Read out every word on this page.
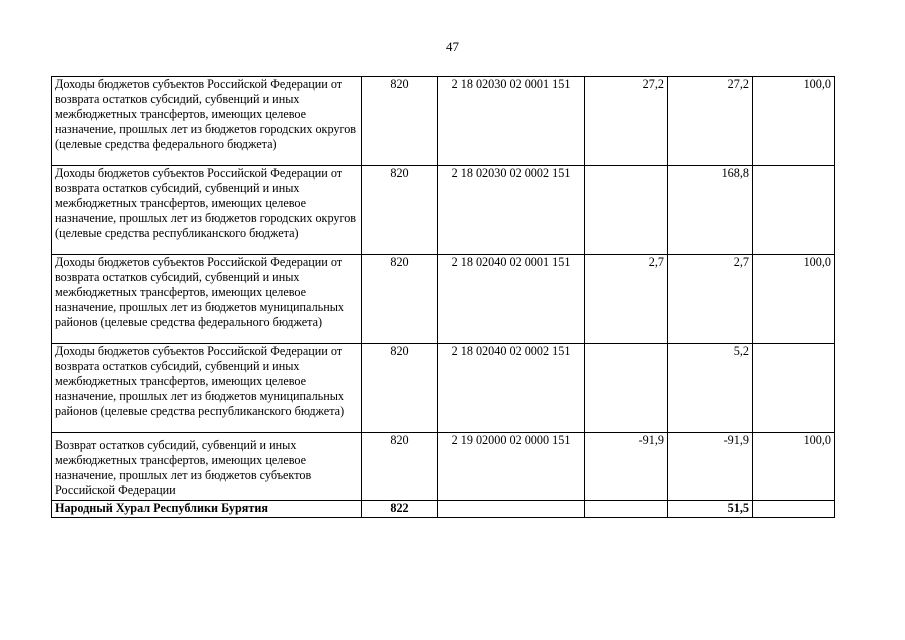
47
Доходы бюджетов субъектов Российской Федерации от возврата остатков субсидий, субвенций и иных межбюджетных трансфертов, имеющих целевое назначение, прошлых лет из бюджетов городских округов (целевые средства федерального бюджета)	820	2 18 02030 02 0001 151	27,2	27,2	100,0
Доходы бюджетов субъектов Российской Федерации от возврата остатков субсидий, субвенций и иных межбюджетных трансфертов, имеющих целевое назначение, прошлых лет из бюджетов городских округов (целевые средства республиканского бюджета)	820	2 18 02030 02 0002 151		168,8	
Доходы бюджетов субъектов Российской Федерации от возврата остатков субсидий, субвенций и иных межбюджетных трансфертов, имеющих целевое назначение, прошлых лет из бюджетов муниципальных районов (целевые средства федерального бюджета)	820	2 18 02040 02 0001 151	2,7	2,7	100,0
Доходы бюджетов субъектов Российской Федерации от возврата остатков субсидий, субвенций и иных межбюджетных трансфертов, имеющих целевое назначение, прошлых лет из бюджетов муниципальных районов (целевые средства республиканского бюджета)	820	2 18 02040 02 0002 151		5,2	
Возврат остатков субсидий, субвенций и иных межбюджетных трансфертов, имеющих целевое назначение, прошлых лет из бюджетов субъектов Российской Федерации	820	2 19 02000 02 0000 151	-91,9	-91,9	100,0
Народный Хурал Республики Бурятия	822			51,5	
